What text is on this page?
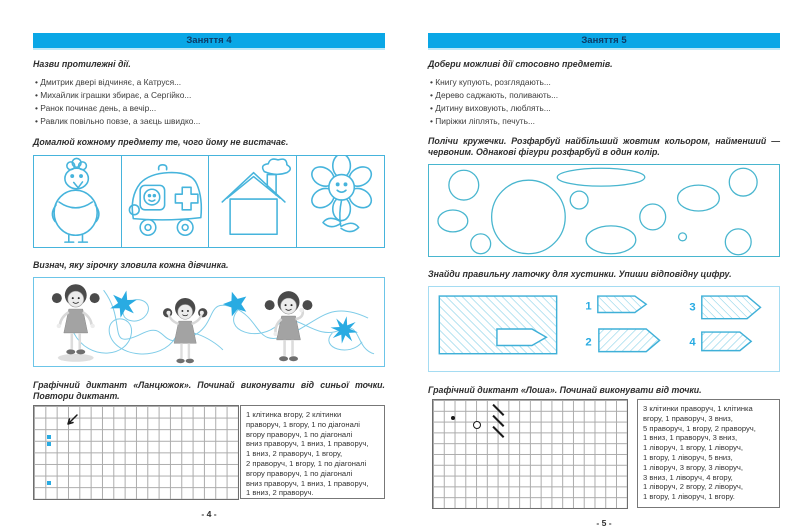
Заняття 4

Назви протилежні дії.

• Дмитрик двері відчиняє, а Катруся...
• Михайлик іграшки збирає, а Сергійко...
• Ранок починає день, а вечір...
• Равлик повільно повзе, а заєць швидко...

Домалюй кожному предмету те, чого йому не вистачає.

Визнач, яку зірочку зловила кожна дівчинка.

Графічний диктант «Ланцюжок». Починай виконувати від синьої точки. Повтори диктант.

1 клітинка вгору, 2 клітинки
праворуч, 1 вгору, 1 по діагоналі
вгору праворуч, 1 по діагоналі
вниз праворуч, 1 вниз, 1 праворуч,
1 вниз, 2 праворуч, 1 вгору,
2 праворуч, 1 вгору, 1 по діагоналі
вгору праворуч, 1 по діагоналі
вниз праворуч, 1 вниз, 1 праворуч,
1 вниз, 2 праворуч.
- 4 -
Заняття 5

Добери можливі дії стосовно предметів.

• Книгу купують, розглядають...
• Дерево саджають, поливають...
• Дитину виховують, люблять...
• Пиріжки ліплять, печуть...

Полічи кружечки. Розфарбуй найбільший жовтим кольором, найменший — червоним. Однакові фігури розфарбуй в один колір.

Знайди правильну латочку для хустинки. Упиши відповідну цифру.

1
2
3
4

Графічний диктант «Лоша». Починай виконувати від точки.

3 клітинки праворуч, 1 клітинка
вгору, 1 праворуч, 3 вниз,
5 праворуч, 1 вгору, 2 праворуч,
1 вниз, 1 праворуч, 3 вниз,
1 ліворуч, 1 вгору, 1 ліворуч,
1 вгору, 1 ліворуч, 5 вниз,
1 ліворуч, 3 вгору, 3 ліворуч,
3 вниз, 1 ліворуч, 4 вгору,
1 ліворуч, 2 вгору, 2 ліворуч,
1 вгору, 1 ліворуч, 1 вгору.
- 5 -
